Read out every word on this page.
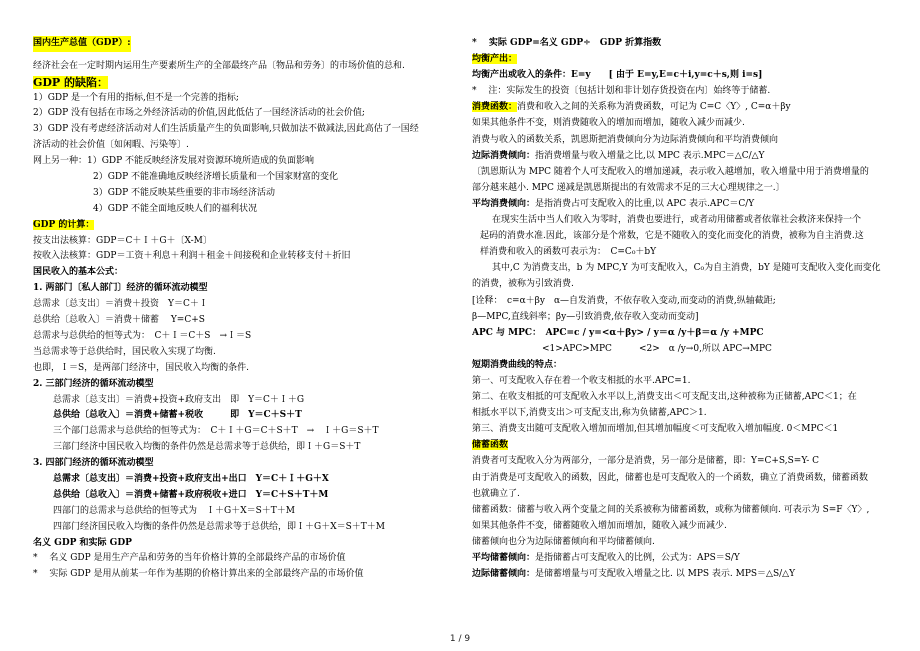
国内生产总值（GDP）:
经济社会在一定时期内运用生产要素所生产的全部最终产品〔物品和劳务〕的市场价值的总和.
GDP 的缺陷：
1）GDP 是一个有用的指标,但不是一个完善的指标;
2）GDP 没有包括在市场之外经济活动的价值,因此低估了一国经济活动的社会价值;
3）GDP 没有考虑经济活动对人们生活质量产生的负面影响,只做加法不做减法,因此高估了一国经
济活动的社会价值〔如闲暇、污染等〕.
网上另一种：1）GDP 不能反映经济发展对资源环境所造成的负面影响
2）GDP 不能准确地反映经济增长质量和一个国家财富的变化
3）GDP 不能反映某些重要的非市场经济活动
4）GDP 不能全面地反映人们的福利状况
GDP 的计算：
按支出法核算：GDP＝C＋Ｉ＋G＋〔X-M〕
按收入法核算：GDP＝工资＋利息＋利润＋租金＋间接税和企业转移支付＋折旧
国民收入的基本公式：
1. 两部门〔私人部门〕经济的循环流动模型
总需求〔总支出〕＝消费＋投资　Y＝C＋Ｉ
总供给〔总收入〕＝消费＋储蓄　 Y=C+S
总需求与总供给的恒等式为：　C＋Ｉ＝C＋S　→Ｉ＝S
当总需求等于总供给时，国民收入实现了均衡.
也即，Ｉ＝S，是两部门经济中，国民收入均衡的条件.
2. 三部门经济的循环流动模型
总需求〔总支出〕＝消费+投资+政府支出　即　Y＝C＋Ｉ＋G
总供给〔总收入〕＝消费+储蓄+税收　　　即　Y＝C＋S＋T
三个部门总需求与总供给的恒等式为：　C＋Ｉ＋G＝C＋S＋T　→　Ｉ＋G＝S＋T
三部门经济中国民收入均衡的条件仍然是总需求等于总供给，即Ｉ＋G＝S＋T
3. 四部门经济的循环流动模型
总需求〔总支出〕＝消费+投资+政府支出+出口　Y＝C＋Ｉ＋G＋X
总供给〔总收入〕＝消费+储蓄+政府税收+进口　Y＝C＋S＋T＋M
四部门的总需求与总供给的恒等式为　Ｉ＋G＋X＝S＋T＋M
四部门经济国民收入均衡的条件仍然是总需求等于总供给，即Ｉ＋G＋X＝S＋T＋M
名义 GDP 和实际 GDP
*　 名义 GDP 是用生产产品和劳务的当年价格计算的全部最终产品的市场价值
*　 实际 GDP 是用从前某一年作为基期的价格计算出来的全部最终产品的市场价值
*　 实际 GDP=名义 GDP÷　GDP 折算指数
均衡产出：
均衡产出或收入的条件：E=y　　[ 由于 E=y,E=c＋i,y=c＋s,则 i=s]
*　 注：实际发生的投资〔包括计划和非计划存货投资在内〕始终等于储蓄.
消费函数：消费和收入之间的关系称为消费函数，可记为 C=C〈Y〉, C=α＋βy
如果其他条件不变，则消费随收入的增加而增加，随收入减少而减少.
消费与收入的函数关系，凯恩斯把消费倾向分为边际消费倾向和平均消费倾向
边际消费倾向：指消费增量与收入增量之比,以 MPC 表示.MPC＝△C/△Y
〔凯恩斯认为 MPC 随着个人可支配收入的增加递减，表示收入越增加，收入增量中用于消费增量的
部分越来越小. MPC 递减是凯恩斯提出的有效需求不足的三大心理规律之一.〕
平均消费倾向：是指消费占可支配收入的比重,以 APC 表示.APC＝C/Y
在现实生活中当人们收入为零时，消费也要进行，或者动用储蓄或者依靠社会救济来保持一个
起码的消费水准.因此，该部分是个常数，它是不随收入的变化而变化的消费，被称为自主消费.这
样消费和收入的函数可表示为：　C=C₀＋bY
其中,C 为消费支出，b 为 MPC,Y 为可支配收入，C₀为自主消费，bY 是随可支配收入变化而变化
的消费，被称为引致消费.
[诠释：　c=α＋βy　α—自发消费，不依存收入变动,而变动的消费,纵轴截距;
β—MPC,直线斜率；βy—引致消费,依存收入变动而变动]
APC 与 MPC：　APC=c / y=<α＋βy> / y＝α /y＋β＝α /y +MPC
<1>APC>MPC　　　<2>　α /y→0,所以 APC→MPC
短期消费曲线的特点：
第一、可支配收入存在着一个收支相抵的水平.APC=1.
第二、在收支相抵的可支配收入水平以上,消费支出＜可支配支出,这种被称为正储蓄,APC＜1；在
相抵水平以下,消费支出＞可支配支出,称为负储蓄,APC＞1.
第三、消费支出随可支配收入增加而增加,但其增加幅度＜可支配收入增加幅度. 0＜MPC＜1
储蓄函数
消费者可支配收入分为两部分，一部分是消费，另一部分是储蓄，即：Y=C+S,S=Y- C
由于消费是可支配收入的函数，因此，储蓄也是可支配收入的一个函数，确立了消费函数，储蓄函数
也就确立了.
储蓄函数：储蓄与收入两个变量之间的关系被称为储蓄函数，或称为储蓄倾向. 可表示为 S=F〈Y〉,
如果其他条件不变，储蓄随收入增加而增加，随收入减少而减少.
储蓄倾向也分为边际储蓄倾向和平均储蓄倾向.
平均储蓄倾向：是指储蓄占可支配收入的比例，公式为：APS＝S/Y
边际储蓄倾向：是储蓄增量与可支配收入增量之比. 以 MPS 表示. MPS＝△S/△Y
1 / 9
